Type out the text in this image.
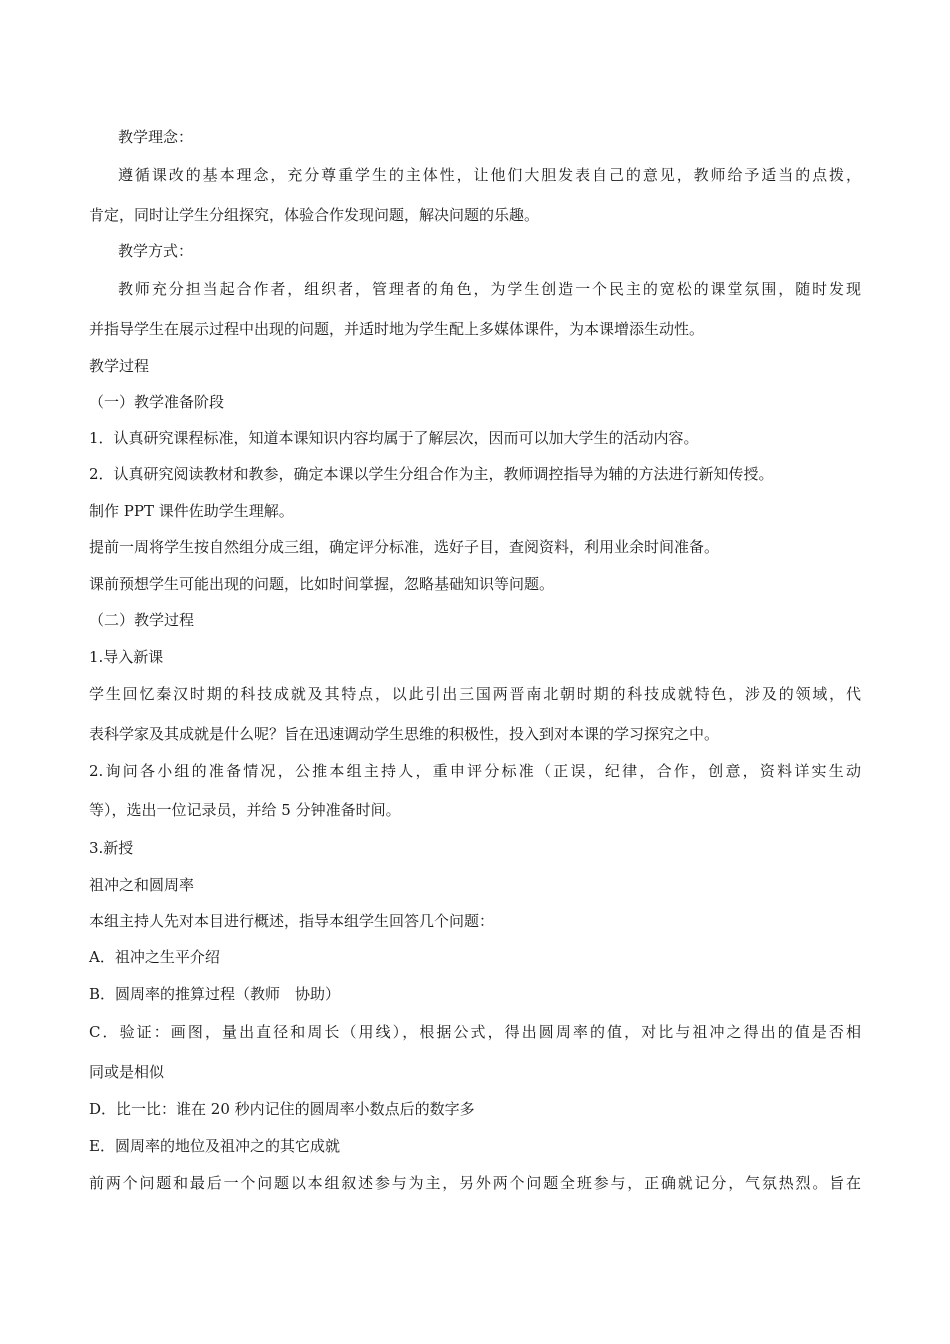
教学理念：
遵循课改的基本理念，充分尊重学生的主体性，让他们大胆发表自己的意见，教师给予适当的点拨，
肯定，同时让学生分组探究，体验合作发现问题，解决问题的乐趣。
教学方式：
教师充分担当起合作者，组织者，管理者的角色，为学生创造一个民主的宽松的课堂氛围，随时发现
并指导学生在展示过程中出现的问题，并适时地为学生配上多媒体课件，为本课增添生动性。
教学过程
（一）教学准备阶段
1．认真研究课程标准，知道本课知识内容均属于了解层次，因而可以加大学生的活动内容。
2．认真研究阅读教材和教参，确定本课以学生分组合作为主，教师调控指导为辅的方法进行新知传授。
制作 PPT 课件佐助学生理解。
提前一周将学生按自然组分成三组，确定评分标准，选好子目，查阅资料，利用业余时间准备。
课前预想学生可能出现的问题，比如时间掌握，忽略基础知识等问题。
（二）教学过程
1.导入新课
学生回忆秦汉时期的科技成就及其特点，以此引出三国两晋南北朝时期的科技成就特色，涉及的领域，代
表科学家及其成就是什么呢？旨在迅速调动学生思维的积极性，投入到对本课的学习探究之中。
2.询问各小组的准备情况，公推本组主持人，重申评分标准（正误，纪律，合作，创意，资料详实生动
等），选出一位记录员，并给 5 分钟准备时间。
3.新授
祖冲之和圆周率
本组主持人先对本目进行概述，指导本组学生回答几个问题：
A．祖冲之生平介绍
B．圆周率的推算过程（教师　协助）
C．验证：画图，量出直径和周长（用线），根据公式，得出圆周率的值，对比与祖冲之得出的值是否相
同或是相似
D．比一比：谁在 20 秒内记住的圆周率小数点后的数字多
E．圆周率的地位及祖冲之的其它成就
前两个问题和最后一个问题以本组叙述参与为主，另外两个问题全班参与，正确就记分，气氛热烈。旨在
